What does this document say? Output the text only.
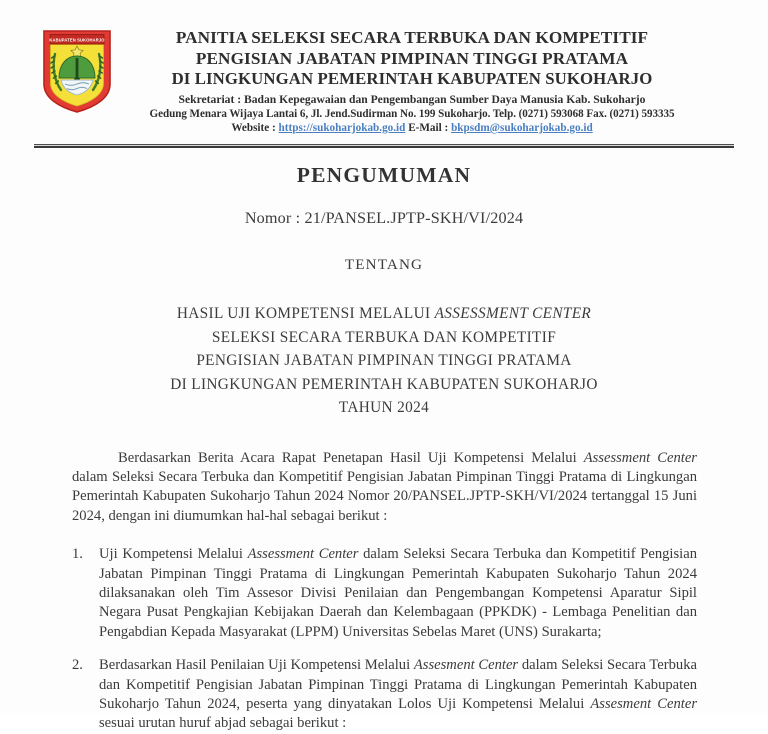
KABUPATEN SUKOHARJO	PANITIA SELEKSI SECARA TERBUKA DAN KOMPETITIF
PENGISIAN JABATAN PIMPINAN TINGGI PRATAMA
DI LINGKUNGAN PEMERINTAH KABUPATEN SUKOHARJO
Sekretariat : Badan Kepegawaian dan Pengembangan Sumber Daya Manusia Kab. Sukoharjo
Gedung Menara Wijaya Lantai 6, Jl. Jend.Sudirman No. 199 Sukoharjo. Telp. (0271) 593068 Fax. (0271) 593335
Website : https://sukoharjokab.go.id E-Mail : bkpsdm@sukoharjokab.go.id
PENGUMUMAN
Nomor : 21/PANSEL.JPTP-SKH/VI/2024
TENTANG
HASIL UJI KOMPETENSI MELALUI ASSESSMENT CENTER
SELEKSI SECARA TERBUKA DAN KOMPETITIF
PENGISIAN JABATAN PIMPINAN TINGGI PRATAMA
DI LINGKUNGAN PEMERINTAH KABUPATEN SUKOHARJO
TAHUN 2024
Berdasarkan Berita Acara Rapat Penetapan Hasil Uji Kompetensi Melalui Assessment Center dalam Seleksi Secara Terbuka dan Kompetitif Pengisian Jabatan Pimpinan Tinggi Pratama di Lingkungan Pemerintah Kabupaten Sukoharjo Tahun 2024 Nomor 20/PANSEL.JPTP-SKH/VI/2024 tertanggal 15 Juni 2024, dengan ini diumumkan hal-hal sebagai berikut :
1.	Uji Kompetensi Melalui Assessment Center dalam Seleksi Secara Terbuka dan Kompetitif Pengisian Jabatan Pimpinan Tinggi Pratama di Lingkungan Pemerintah Kabupaten Sukoharjo Tahun 2024 dilaksanakan oleh Tim Assesor Divisi Penilaian dan Pengembangan Kompetensi Aparatur Sipil Negara Pusat Pengkajian Kebijakan Daerah dan Kelembagaan (PPKDK) - Lembaga Penelitian dan Pengabdian Kepada Masyarakat (LPPM) Universitas Sebelas Maret (UNS) Surakarta;
2.	Berdasarkan Hasil Penilaian Uji Kompetensi Melalui Assesment Center dalam Seleksi Secara Terbuka dan Kompetitif Pengisian Jabatan Pimpinan Tinggi Pratama di Lingkungan Pemerintah Kabupaten Sukoharjo Tahun 2024, peserta yang dinyatakan Lolos Uji Kompetensi Melalui Assesment Center sesuai urutan huruf abjad sebagai berikut :
